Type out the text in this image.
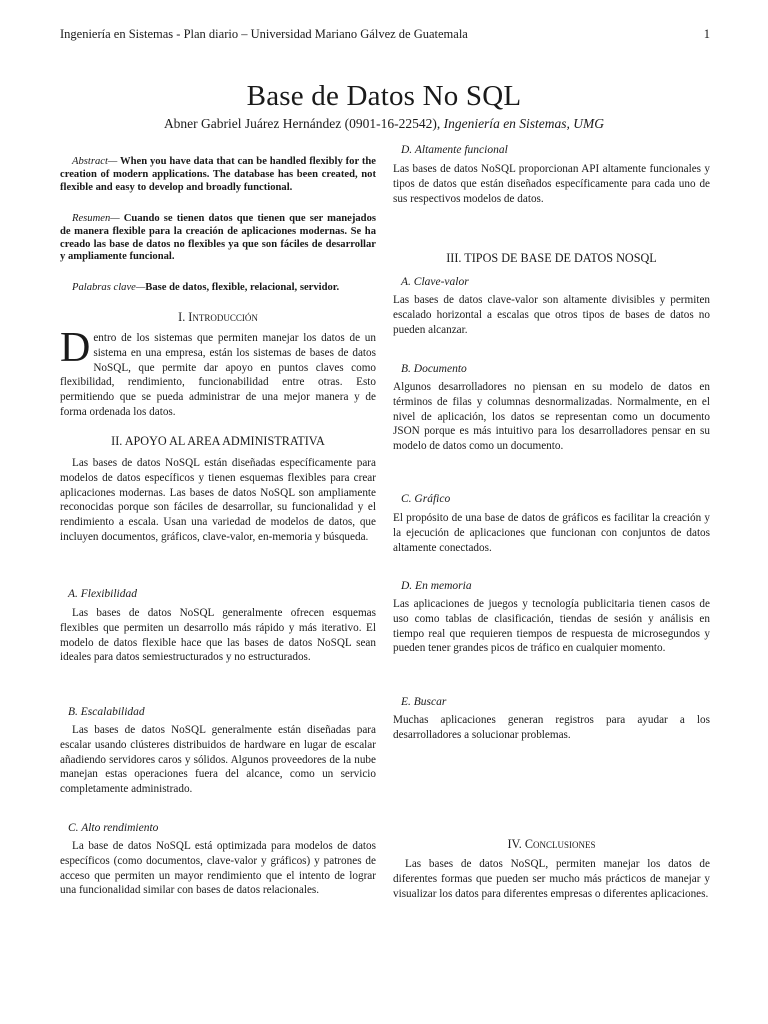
Ingeniería en Sistemas - Plan diario – Universidad Mariano Gálvez de Guatemala	1
Base de Datos No SQL
Abner Gabriel Juárez Hernández (0901-16-22542), Ingeniería en Sistemas, UMG

Abstract— When you have data that can be handled flexibly for the creation of modern applications. The database has been created, not flexible and easy to develop and broadly functional.

Resumen— Cuando se tienen datos que tienen que ser manejados de manera flexible para la creación de aplicaciones modernas. Se ha creado las base de datos no flexibles ya que son fáciles de desarrollar y ampliamente funcional.

Palabras clave—Base de datos, flexible, relacional, servidor.

I. Introducción

Dentro de los sistemas que permiten manejar los datos de un sistema en una empresa, están los sistemas de bases de datos NoSQL, que permite dar apoyo en puntos claves como flexibilidad, rendimiento, funcionabilidad entre otras. Esto permitiendo que se pueda administrar de una mejor manera y de forma ordenada los datos.

II. APOYO AL AREA ADMINISTRATIVA

Las bases de datos NoSQL están diseñadas específicamente para modelos de datos específicos y tienen esquemas flexibles para crear aplicaciones modernas. Las bases de datos NoSQL son ampliamente reconocidas porque son fáciles de desarrollar, su funcionalidad y el rendimiento a escala. Usan una variedad de modelos de datos, que incluyen documentos, gráficos, clave-valor, en-memoria y búsqueda.

A. Flexibilidad

Las bases de datos NoSQL generalmente ofrecen esquemas flexibles que permiten un desarrollo más rápido y más iterativo. El modelo de datos flexible hace que las bases de datos NoSQL sean ideales para datos semiestructurados y no estructurados.

B. Escalabilidad

Las bases de datos NoSQL generalmente están diseñadas para escalar usando clústeres distribuidos de hardware en lugar de escalar añadiendo servidores caros y sólidos. Algunos proveedores de la nube manejan estas operaciones fuera del alcance, como un servicio completamente administrado.

C. Alto rendimiento

La base de datos NoSQL está optimizada para modelos de datos específicos (como documentos, clave-valor y gráficos) y patrones de acceso que permiten un mayor rendimiento que el intento de lograr una funcionalidad similar con bases de datos relacionales.

D. Altamente funcional

Las bases de datos NoSQL proporcionan API altamente funcionales y tipos de datos que están diseñados específicamente para cada uno de sus respectivos modelos de datos.

III. TIPOS DE BASE DE DATOS NOSQL
A. Clave-valor

Las bases de datos clave-valor son altamente divisibles y permiten escalado horizontal a escalas que otros tipos de bases de datos no pueden alcanzar.

B. Documento

Algunos desarrolladores no piensan en su modelo de datos en términos de filas y columnas desnormalizadas. Normalmente, en el nivel de aplicación, los datos se representan como un documento JSON porque es más intuitivo para los desarrolladores pensar en su modelo de datos como un documento.

C. Gráfico

El propósito de una base de datos de gráficos es facilitar la creación y la ejecución de aplicaciones que funcionan con conjuntos de datos altamente conectados.

D. En memoria

Las aplicaciones de juegos y tecnología publicitaria tienen casos de uso como tablas de clasificación, tiendas de sesión y análisis en tiempo real que requieren tiempos de respuesta de microsegundos y pueden tener grandes picos de tráfico en cualquier momento.

E. Buscar

Muchas aplicaciones generan registros para ayudar a los desarrolladores a solucionar problemas.

IV. Conclusiones

Las bases de datos NoSQL, permiten manejar los datos de diferentes formas que pueden ser mucho más prácticos de manejar y visualizar los datos para diferentes empresas o diferentes aplicaciones.
